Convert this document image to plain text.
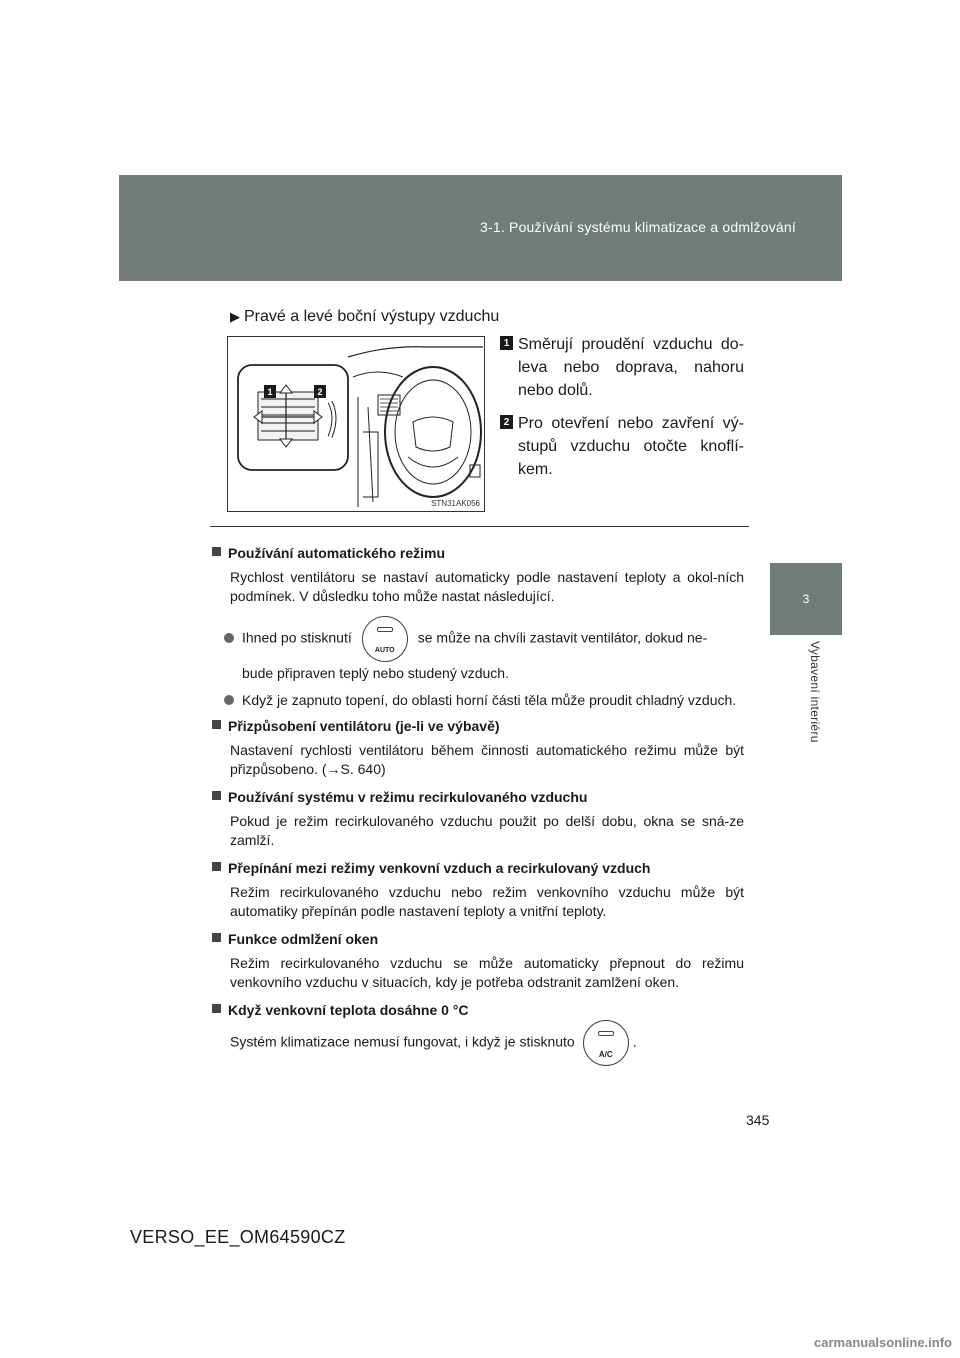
3-1. Používání systému klimatizace a odmlžování
3
Vybavení interiéru
▶ Pravé a levé boční výstupy vzduchu
1	2
STN31AK056
1 Směrují proudění vzduchu do-leva nebo doprava, nahoru nebo dolů.
2 Pro otevření nebo zavření vý-stupů vzduchu otočte knoflí-kem.
Používání automatického režimu
Rychlost ventilátoru se nastaví automaticky podle nastavení teploty a okol-ních podmínek. V důsledku toho může nastat následující.
Ihned po stisknutí
AUTO
se může na chvíli zastavit ventilátor, dokud ne-
bude připraven teplý nebo studený vzduch.
Když je zapnuto topení, do oblasti horní části těla může proudit chladný vzduch.
Přizpůsobení ventilátoru (je-li ve výbavě)
Nastavení rychlosti ventilátoru během činnosti automatického režimu může být přizpůsobeno. (→S. 640)
Používání systému v režimu recirkulovaného vzduchu
Pokud je režim recirkulovaného vzduchu použit po delší dobu, okna se sná-ze zamlží.
Přepínání mezi režimy venkovní vzduch a recirkulovaný vzduch
Režim recirkulovaného vzduchu nebo režim venkovního vzduchu může být automatiky přepínán podle nastavení teploty a vnitřní teploty.
Funkce odmlžení oken
Režim recirkulovaného vzduchu se může automaticky přepnout do režimu venkovního vzduchu v situacích, kdy je potřeba odstranit zamlžení oken.
Když venkovní teplota dosáhne 0 °C
Systém klimatizace nemusí fungovat, i když je stisknuto
A/C
.
345
VERSO_EE_OM64590CZ
carmanualsonline.info
